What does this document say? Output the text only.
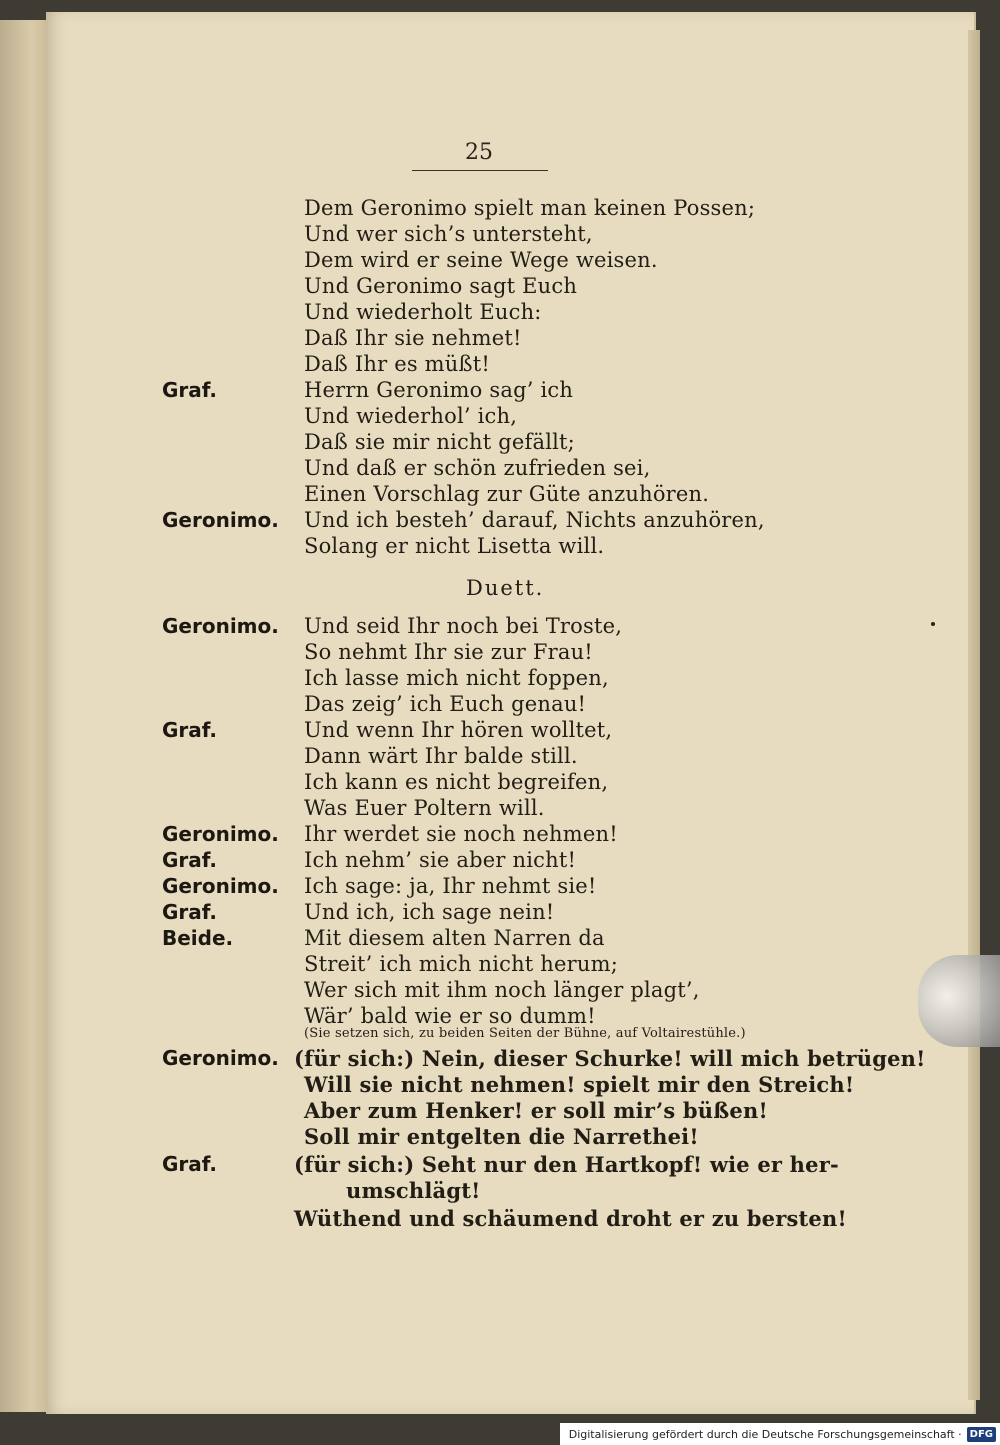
25
Dem Geronimo spielt man keinen Possen;
Und wer sich’s untersteht,
Dem wird er seine Wege weisen.
Und Geronimo sagt Euch
Und wiederholt Euch:
Daß Ihr sie nehmet!
Daß Ihr es müßt!
Graf.	Herrn Geronimo sag’ ich
Und wiederhol’ ich,
Daß sie mir nicht gefällt;
Und daß er schön zufrieden sei,
Einen Vorschlag zur Güte anzuhören.
Geronimo. Und ich besteh’ darauf, Nichts anzuhören,
Solang er nicht Lisetta will.
Duett.
Geronimo. Und seid Ihr noch bei Troste,
So nehmt Ihr sie zur Frau!
Ich lasse mich nicht foppen,
Das zeig’ ich Euch genau!
Graf.	Und wenn Ihr hören wolltet,
Dann wärt Ihr balde still.
Ich kann es nicht begreifen,
Was Euer Poltern will.
Geronimo. Ihr werdet sie noch nehmen!
Graf.	Ich nehm’ sie aber nicht!
Geronimo. Ich sage: ja, Ihr nehmt sie!
Graf.	Und ich, ich sage nein!
Beide.	Mit diesem alten Narren da
Streit’ ich mich nicht herum;
Wer sich mit ihm noch länger plagt’,
Wär’ bald wie er so dumm!
(Sie setzen sich, zu beiden Seiten der Bühne, auf Voltairestühle.)
Geronimo. (für sich:) Nein, dieser Schurke! will mich betrügen!
Will sie nicht nehmen! spielt mir den Streich!
Aber zum Henker! er soll mir’s büßen!
Soll mir entgelten die Narrethei!
Graf.	(für sich:) Seht nur den Hartkopf! wie er her-
umschlägt!
Wüthend und schäumend droht er zu bersten!
Digitalisierung gefördert durch die Deutsche Forschungsgemeinschaft · DFG
